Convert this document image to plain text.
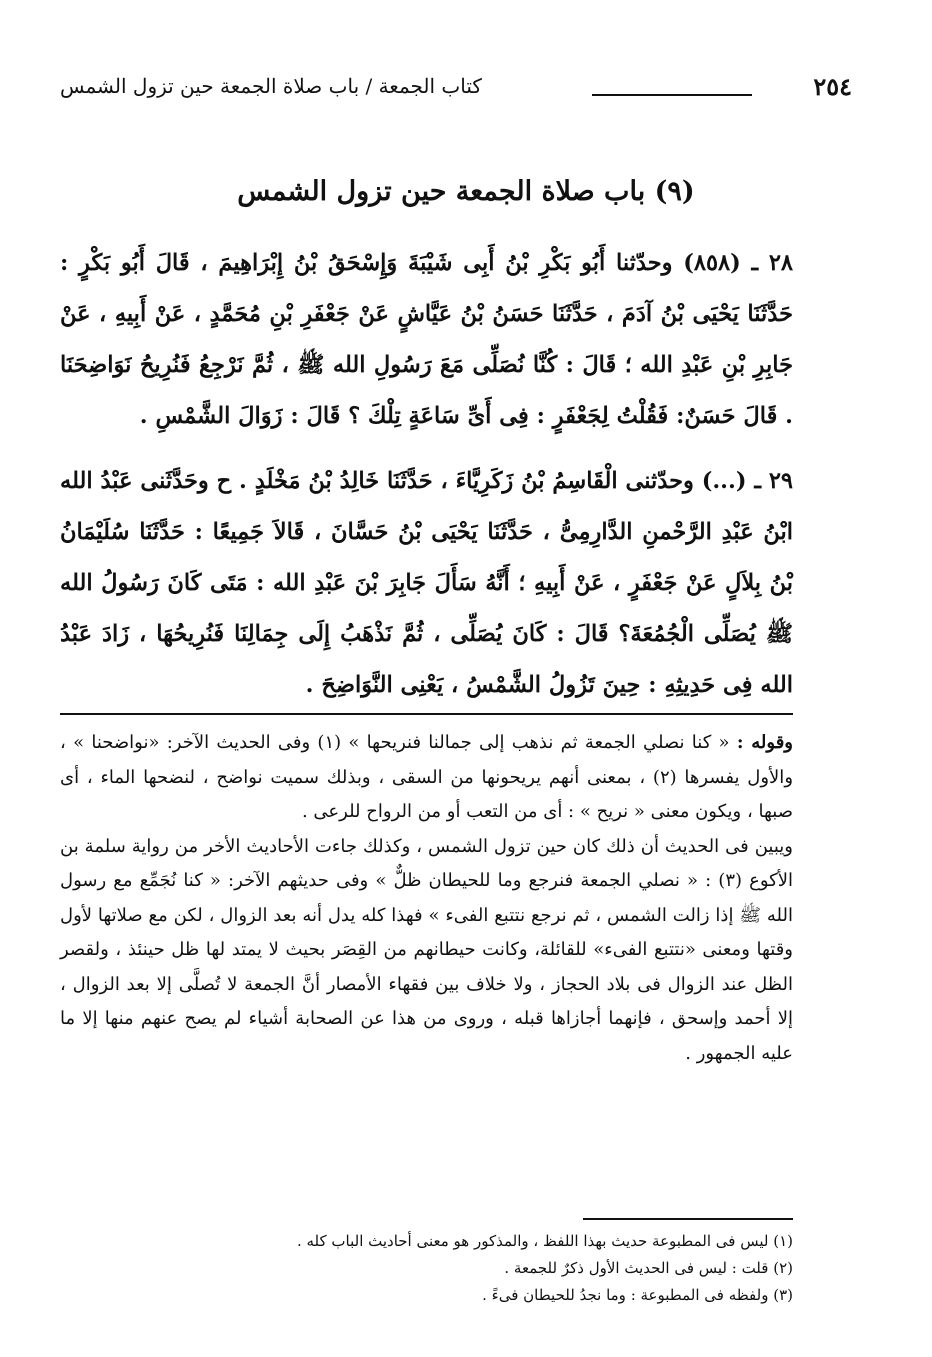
٢٥٤
كتاب الجمعة / باب صلاة الجمعة حين تزول الشمس
(٩) باب صلاة الجمعة حين تزول الشمس

٢٨ ـ (٨٥٨) وحدّثنا أَبُو بَكْرِ بْنُ أَبِى شَيْبَةَ وَإِسْحَقُ بْنُ إِبْرَاهِيمَ ، قَالَ أَبُو بَكْرٍ : حَدَّثَنَا يَحْيَى بْنُ آدَمَ ، حَدَّثَنَا حَسَنُ بْنُ عَيَّاشٍ عَنْ جَعْفَرِ بْنِ مُحَمَّدٍ ، عَنْ أَبِيهِ ، عَنْ جَابِرِ بْنِ عَبْدِ الله ؛ قَالَ : كُنَّا نُصَلِّى مَعَ رَسُولِ الله ﷺ ، ثُمَّ نَرْجِعُ فَنُرِيحُ نَوَاضِحَنَا . قَالَ حَسَنٌ: فَقُلْتُ لِجَعْفَرٍ : فِى أَىِّ سَاعَةٍ تِلْكَ ؟ قَالَ : زَوَالَ الشَّمْسِ .

٢٩ ـ (...) وحدّثنى الْقَاسِمُ بْنُ زَكَرِيَّاءَ ، حَدَّثَنَا خَالِدُ بْنُ مَخْلَدٍ . ح وحَدَّثَنى عَبْدُ الله ابْنُ عَبْدِ الرَّحْمنِ الدَّارِمِىُّ ، حَدَّثَنَا يَحْيَى بْنُ حَسَّانَ ، قَالاَ جَمِيعًا : حَدَّثَنَا سُلَيْمَانُ بْنُ بِلاَلٍ عَنْ جَعْفَرٍ ، عَنْ أَبِيهِ ؛ أَنَّهُ سَأَلَ جَابِرَ بْنَ عَبْدِ الله : مَتَى كَانَ رَسُولُ الله ﷺ يُصَلِّى الْجُمُعَةَ؟ قَالَ : كَانَ يُصَلِّى ، ثُمَّ نَذْهَبُ إِلَى جِمَالِنَا فَنُرِيحُهَا ، زَادَ عَبْدُ الله فِى حَدِيثِهِ : حِينَ تَزُولُ الشَّمْسُ ، يَعْنِى النَّوَاضِحَ .

وقوله : « كنا نصلي الجمعة ثم نذهب إلى جمالنا فنريحها » (١) وفى الحديث الآخر: «نواضحنا » ، والأول يفسرها (٢) ، بمعنى أنهم يريحونها من السقى ، وبذلك سميت نواضح ، لنضحها الماء ، أى صبها ، ويكون معنى « نريح » : أى من التعب أو من الرواح للرعى .

ويبين فى الحديث أن ذلك كان حين تزول الشمس ، وكذلك جاءت الأحاديث الأخر من رواية سلمة بن الأكوع (٣) : « نصلي الجمعة فنرجع وما للحيطان ظلٌّ » وفى حديثهم الآخر: « كنا نُجَمِّع مع رسول الله ﷺ إذا زالت الشمس ، ثم نرجع نتتبع الفىء » فهذا كله يدل أنه بعد الزوال ، لكن مع صلاتها لأول وقتها ومعنى «نتتبع الفىء» للقائلة، وكانت حيطانهم من القِصَر بحيث لا يمتد لها ظل حينئذ ، ولقصر الظل عند الزوال فى بلاد الحجاز ، ولا خلاف بين فقهاء الأمصار أنَّ الجمعة لا تُصلَّى إلا بعد الزوال ، إلا أحمد وإسحق ، فإنهما أجازاها قبله ، وروى من هذا عن الصحابة أشياء لم يصح عنهم منها إلا ما عليه الجمهور .

(١) ليس فى المطبوعة حديث بهذا اللفظ ، والمذكور هو معنى أحاديث الباب كله .
(٢) قلت : ليس فى الحديث الأول ذكرٌ للجمعة .
(٣) ولفظه فى المطبوعة : وما نجدُ للحيطان فىءً .
